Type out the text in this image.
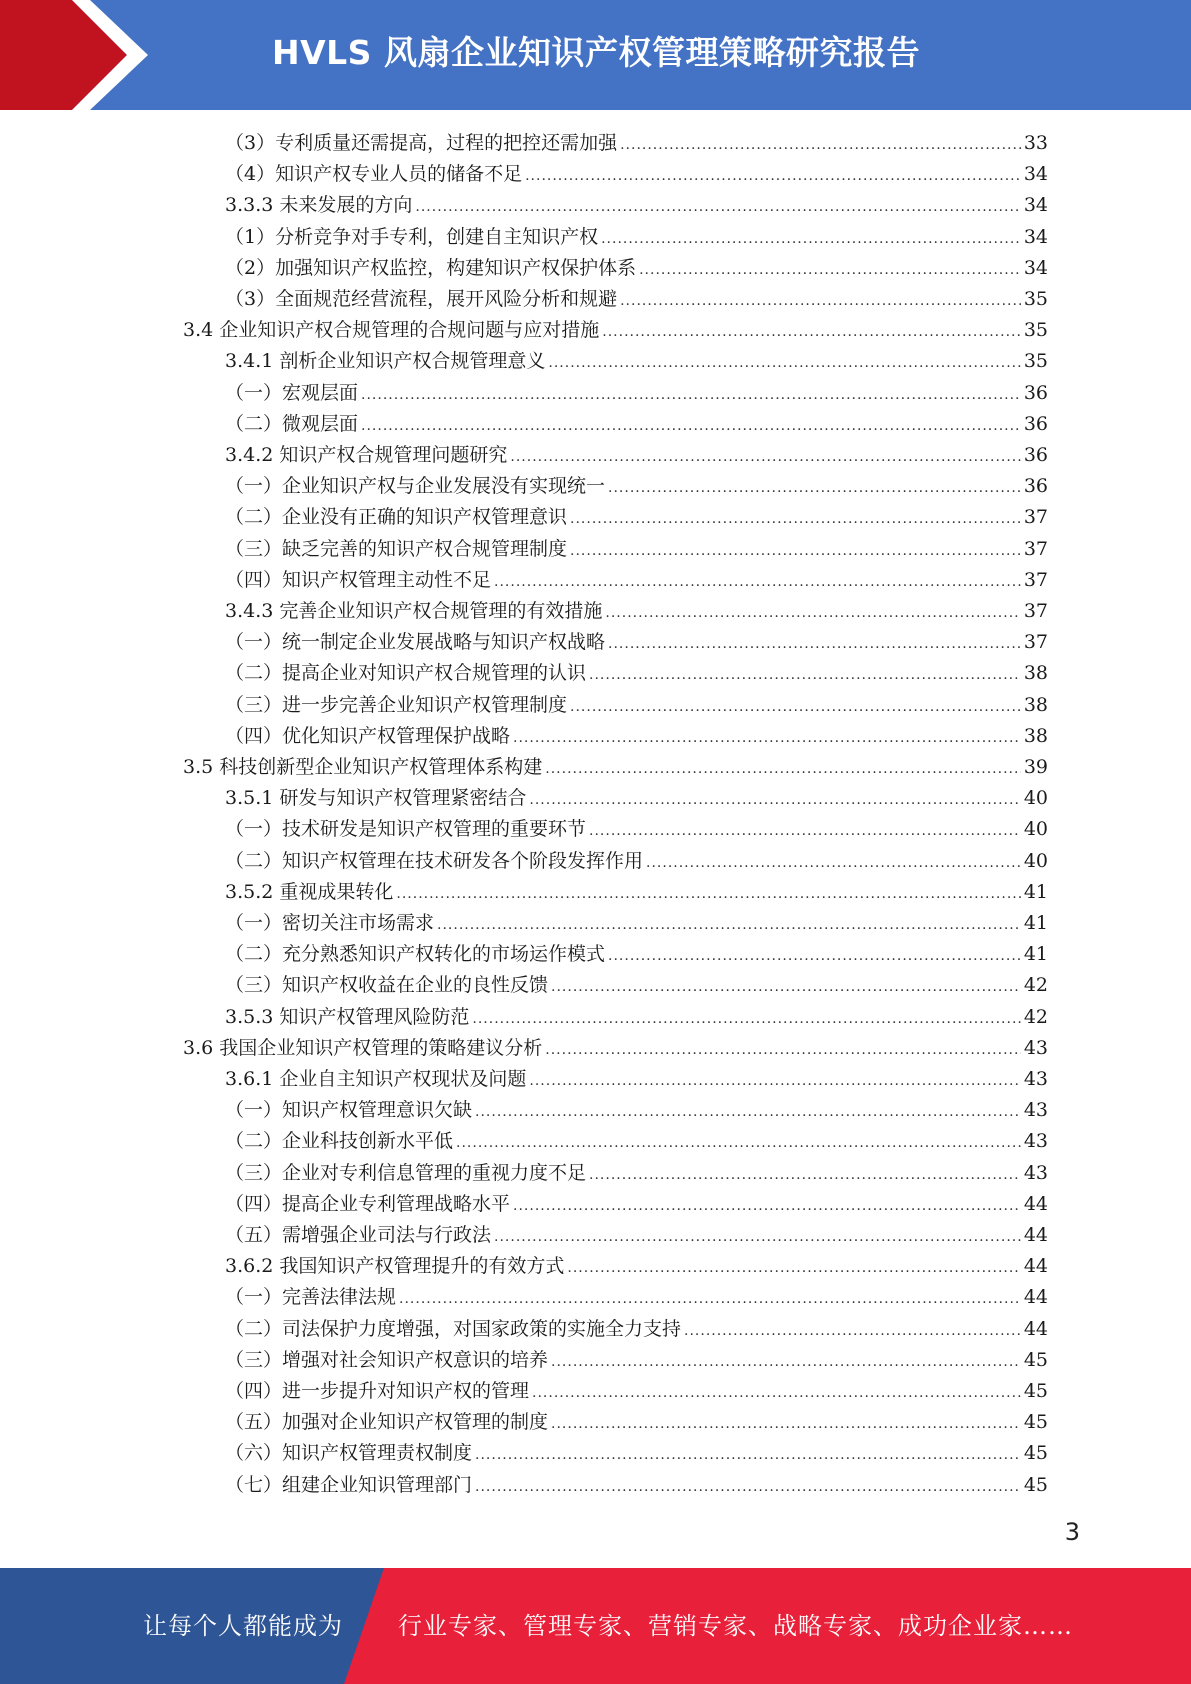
HVLS 风扇企业知识产权管理策略研究报告
（3）专利质量还需提高，过程的把控还需加强 .....	33
（4）知识产权专业人员的储备不足 .....	34
3.3.3 未来发展的方向 .....	34
（1）分析竞争对手专利，创建自主知识产权 .....	34
（2）加强知识产权监控，构建知识产权保护体系 .....	34
（3）全面规范经营流程，展开风险分析和规避 .....	35
3.4 企业知识产权合规管理的合规问题与应对措施 .....	35
3.4.1 剖析企业知识产权合规管理意义 .....	35
（一）宏观层面 .....	36
（二）微观层面 .....	36
3.4.2 知识产权合规管理问题研究 .....	36
（一）企业知识产权与企业发展没有实现统一 .....	36
（二）企业没有正确的知识产权管理意识 .....	37
（三）缺乏完善的知识产权合规管理制度 .....	37
（四）知识产权管理主动性不足 .....	37
3.4.3 完善企业知识产权合规管理的有效措施 .....	37
（一）统一制定企业发展战略与知识产权战略 .....	37
（二）提高企业对知识产权合规管理的认识 .....	38
（三）进一步完善企业知识产权管理制度 .....	38
（四）优化知识产权管理保护战略 .....	38
3.5 科技创新型企业知识产权管理体系构建 .....	39
3.5.1 研发与知识产权管理紧密结合 .....	40
（一）技术研发是知识产权管理的重要环节 .....	40
（二）知识产权管理在技术研发各个阶段发挥作用 .....	40
3.5.2 重视成果转化 .....	41
（一）密切关注市场需求 .....	41
（二）充分熟悉知识产权转化的市场运作模式 .....	41
（三）知识产权收益在企业的良性反馈 .....	42
3.5.3 知识产权管理风险防范 .....	42
3.6 我国企业知识产权管理的策略建议分析 .....	43
3.6.1 企业自主知识产权现状及问题 .....	43
（一）知识产权管理意识欠缺 .....	43
（二）企业科技创新水平低 .....	43
（三）企业对专利信息管理的重视力度不足 .....	43
（四）提高企业专利管理战略水平 .....	44
（五）需增强企业司法与行政法 .....	44
3.6.2 我国知识产权管理提升的有效方式 .....	44
（一）完善法律法规 .....	44
（二）司法保护力度增强，对国家政策的实施全力支持 .....	44
（三）增强对社会知识产权意识的培养 .....	45
（四）进一步提升对知识产权的管理 .....	45
（五）加强对企业知识产权管理的制度 .....	45
（六）知识产权管理责权制度 .....	45
（七）组建企业知识管理部门 .....	45
3
让每个人都能成为 行业专家、管理专家、营销专家、战略专家、成功企业家……
